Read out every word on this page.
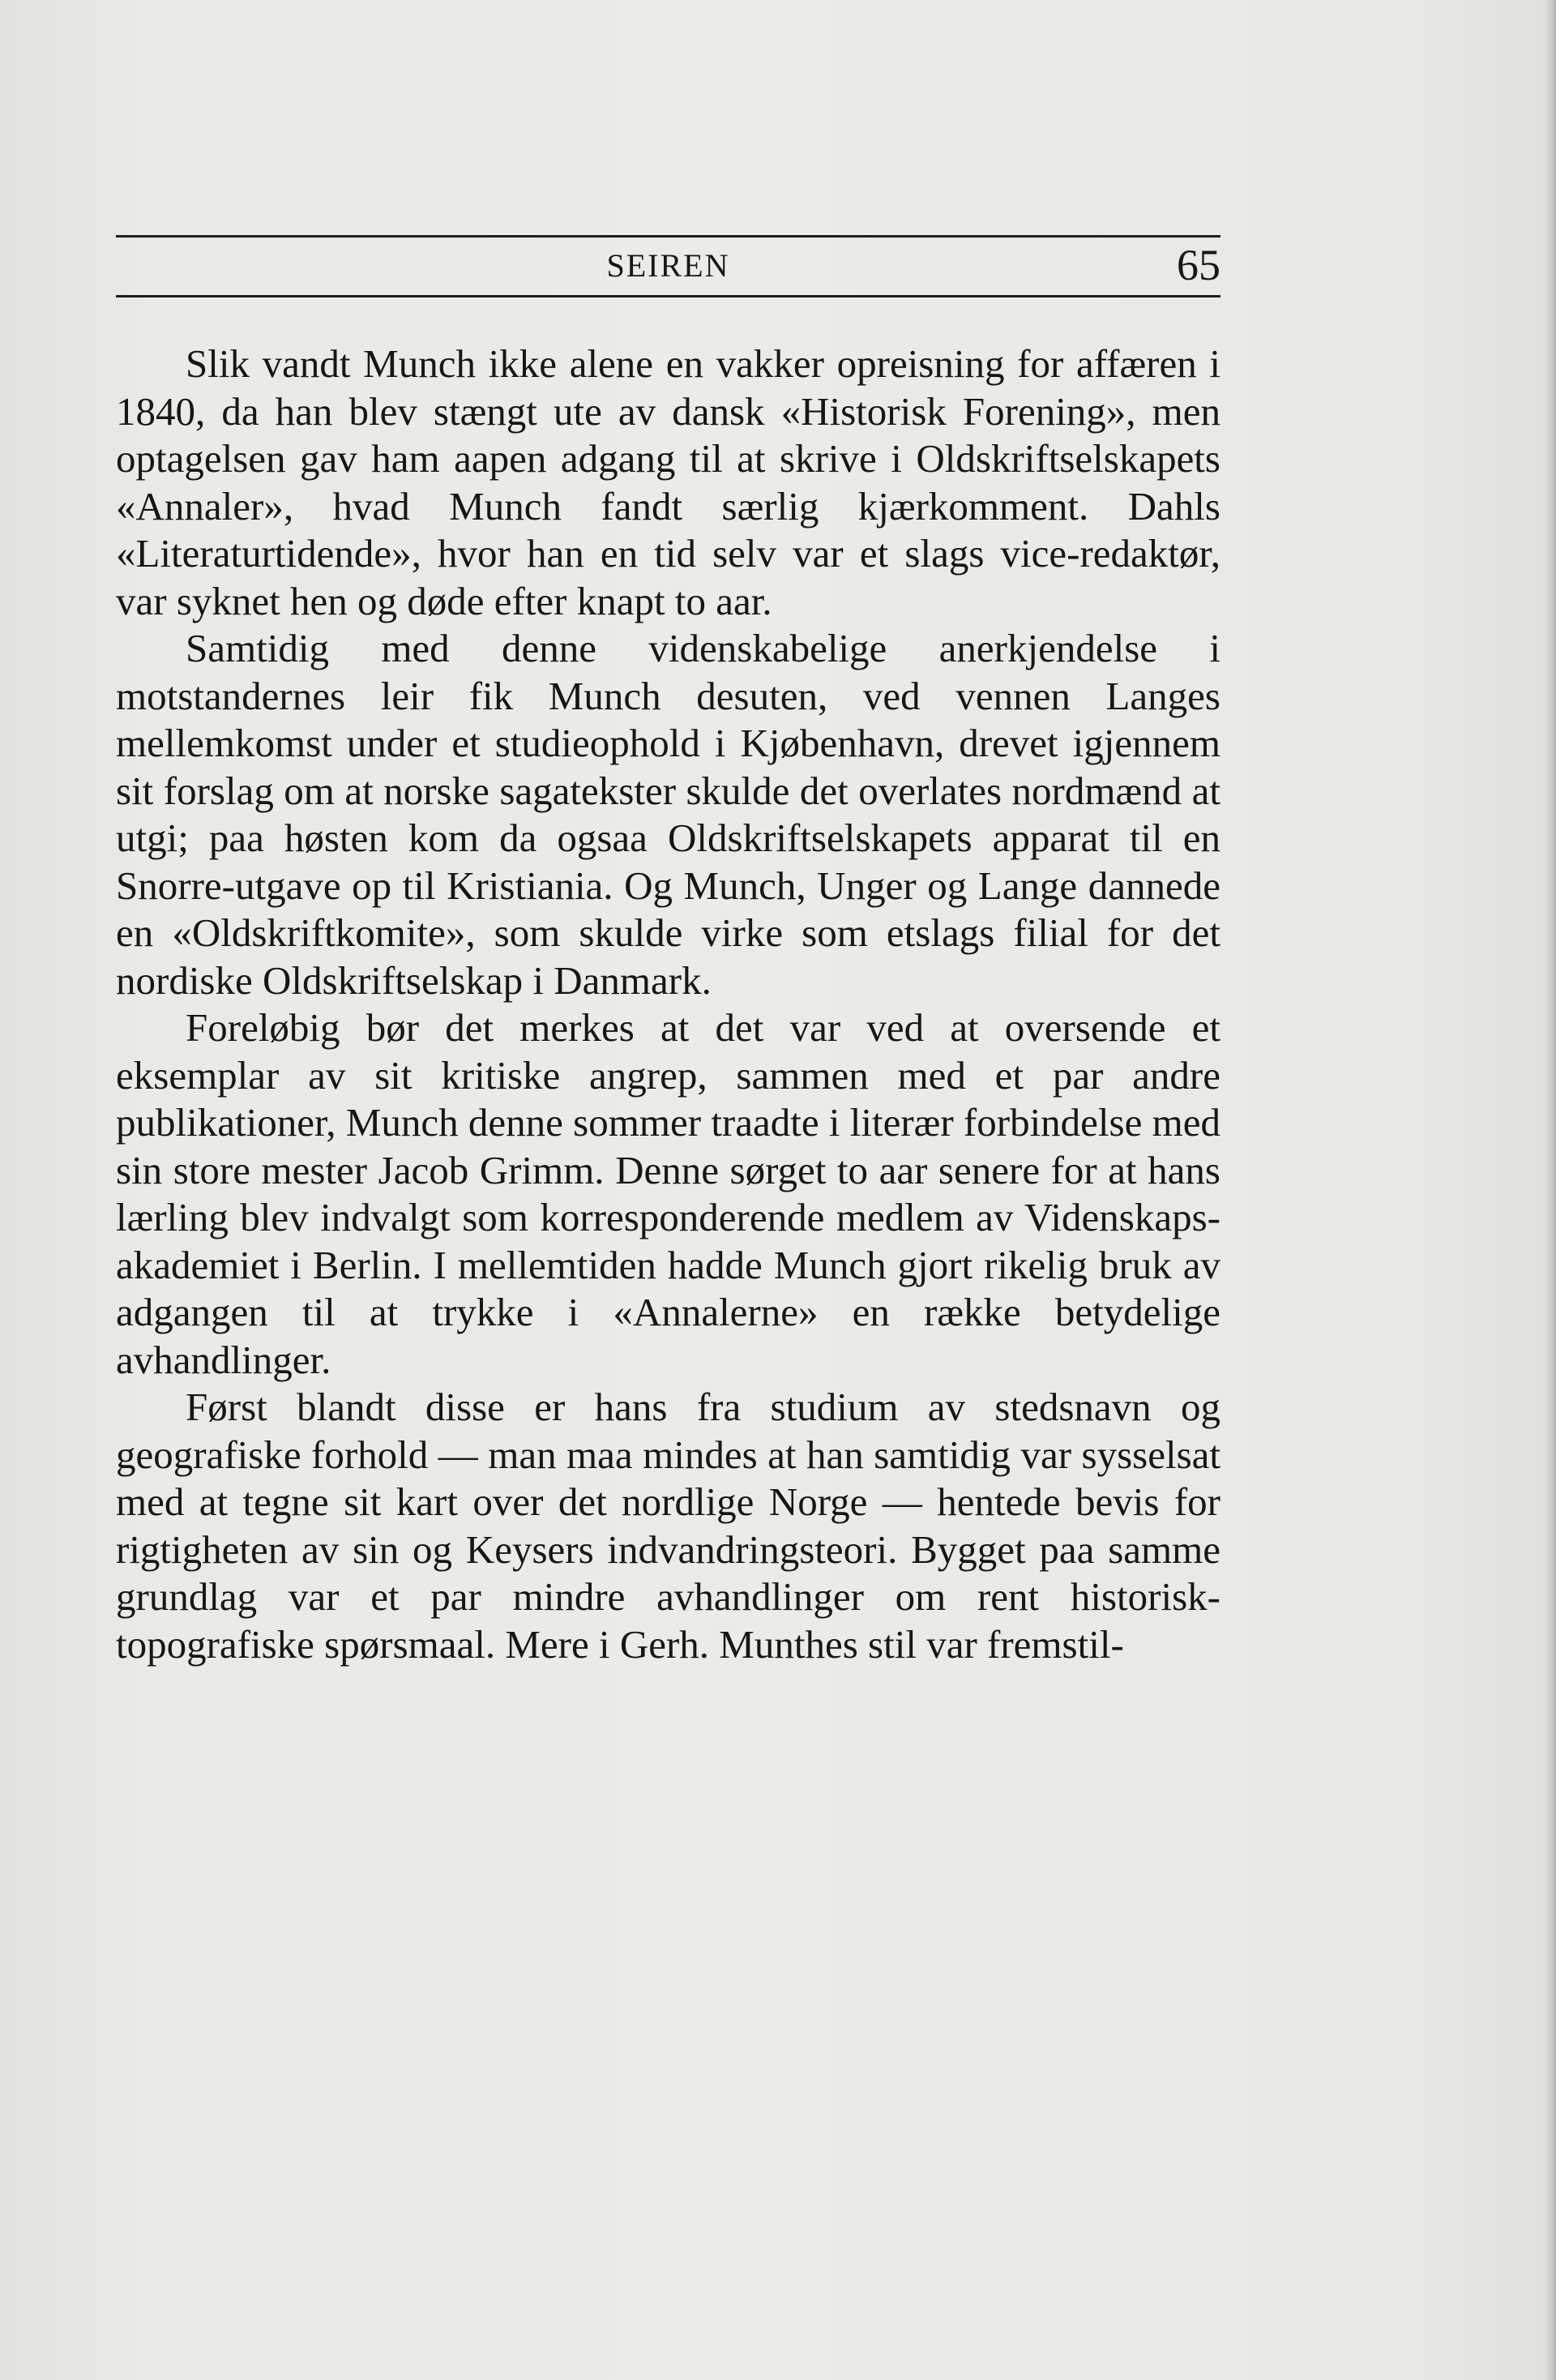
SEIREN	65

Slik vandt Munch ikke alene en vakker opreisning for affæren i 1840, da han blev stængt ute av dansk «Historisk Forening», men optagelsen gav ham aapen adgang til at skrive i Oldskriftselskapets «Annaler», hvad Munch fandt særlig kjærkomment. Dahls «Literaturtidende», hvor han en tid selv var et slags vice-redaktør, var syknet hen og døde efter knapt to aar.

Samtidig med denne videnskabelige anerkjendelse i motstandernes leir fik Munch desuten, ved vennen Langes mellemkomst under et studieophold i Kjøbenhavn, drevet igjennem sit forslag om at norske sagatekster skulde det overlates nordmænd at utgi; paa høsten kom da ogsaa Oldskriftselskapets apparat til en Snorre-utgave op til Kristiania. Og Munch, Unger og Lange dannede en «Oldskriftkomite», som skulde virke som etslags filial for det nordiske Oldskriftselskap i Danmark.

Foreløbig bør det merkes at det var ved at oversende et eksemplar av sit kritiske angrep, sammen med et par andre publikationer, Munch denne sommer traadte i literær forbindelse med sin store mester Jacob Grimm. Denne sørget to aar senere for at hans lærling blev indvalgt som korresponderende medlem av Videnskaps-akademiet i Berlin. I mellemtiden hadde Munch gjort rikelig bruk av adgangen til at trykke i «Annalerne» en række betydelige avhandlinger.

Først blandt disse er hans fra studium av stedsnavn og geografiske forhold — man maa mindes at han samtidig var sysselsat med at tegne sit kart over det nordlige Norge — hentede bevis for rigtigheten av sin og Keysers indvandringsteori. Bygget paa samme grundlag var et par mindre avhandlinger om rent historisk-topografiske spørsmaal. Mere i Gerh. Munthes stil var fremstil-
